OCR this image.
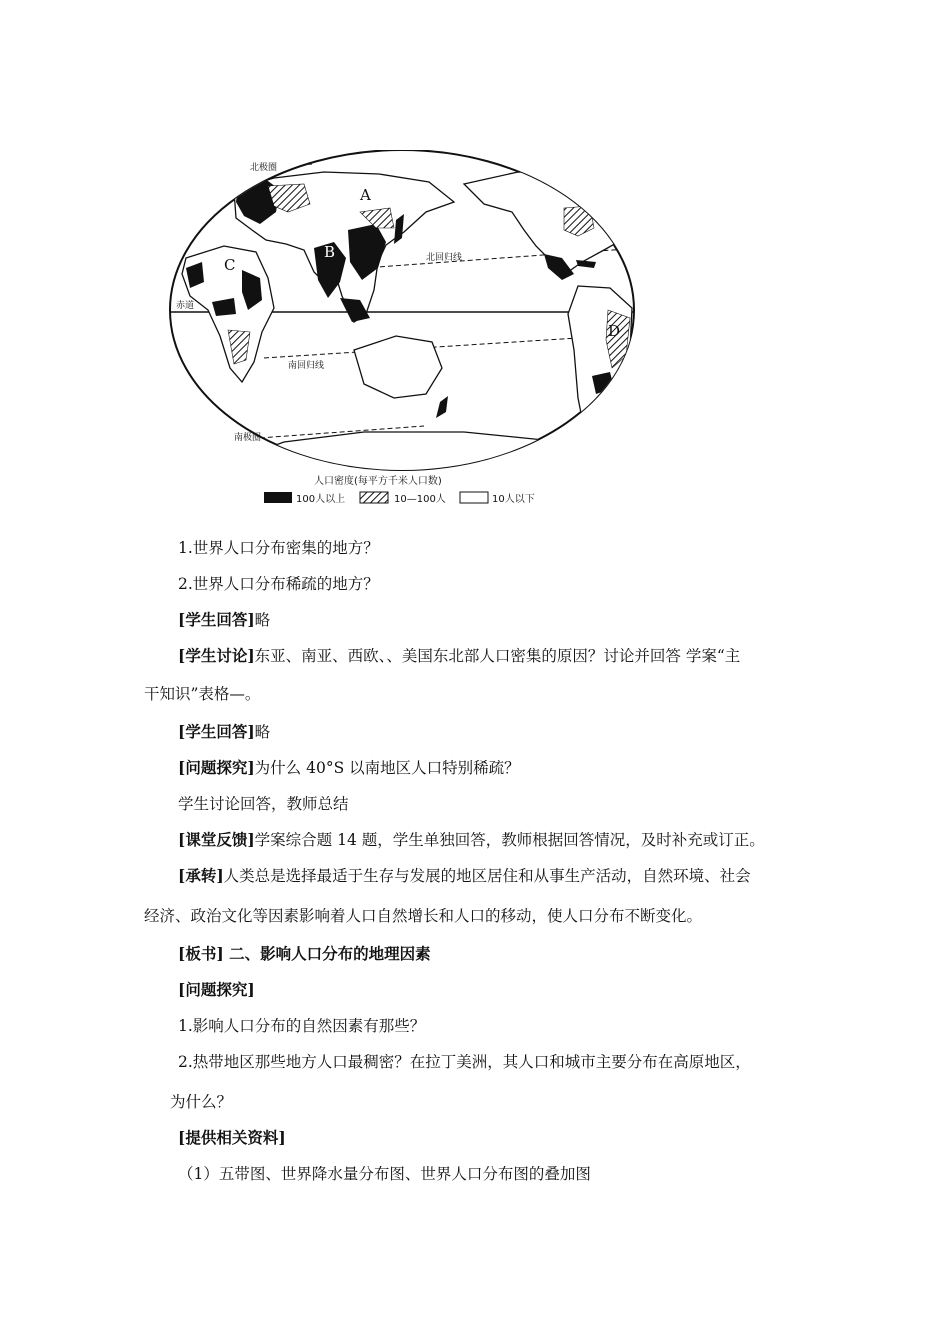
A
B
C
D
北极圈
北回归线
赤道
南回归线
南极圈
人口密度(每平方千米人口数)
100人以上	10—100人	10人以下
1.世界人口分布密集的地方？
2.世界人口分布稀疏的地方？
[学生回答]略
[学生讨论]东亚、南亚、西欧、、美国东北部人口密集的原因？讨论并回答 学案“主
干知识”表格—。
[学生回答]略
[问题探究]为什么 40°S 以南地区人口特别稀疏？
学生讨论回答，教师总结
[课堂反馈]学案综合题 14 题，学生单独回答，教师根据回答情况，及时补充或订正。
[承转]人类总是选择最适于生存与发展的地区居住和从事生产活动，自然环境、社会
经济、政治文化等因素影响着人口自然增长和人口的移动，使人口分布不断变化。
[板书] 二、影响人口分布的地理因素
[问题探究]
1.影响人口分布的自然因素有那些？
2.热带地区那些地方人口最稠密？在拉丁美洲，其人口和城市主要分布在高原地区，
为什么？
[提供相关资料]
（1）五带图、世界降水量分布图、世界人口分布图的叠加图
